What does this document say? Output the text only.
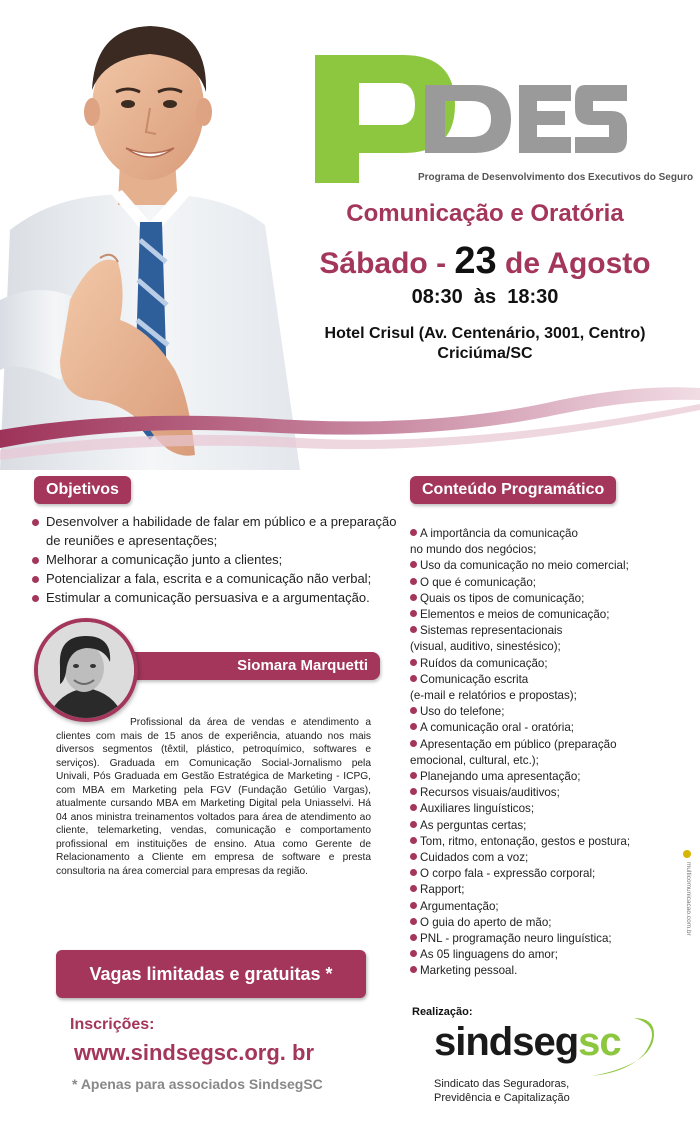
Programa de Desenvolvimento dos Executivos do Seguro
Comunicação e Oratória
Sábado - 23 de Agosto
08:30  às  18:30
Hotel Crisul (Av. Centenário, 3001, Centro)
Criciúma/SC
Objetivos
Desenvolver a habilidade de falar em público e a preparação de reuniões e apresentações;
Melhorar a comunicação junto a clientes;
Potencializar a fala, escrita e a comunicação não verbal;
Estimular a comunicação persuasiva e a argumentação.
Siomara Marquetti

Profissional da área de vendas e atendimento a clientes com mais de 15 anos de experiência, atuando nos mais diversos segmentos (têxtil, plástico, petroquímico, softwares e serviços). Graduada em Comunicação Social-Jornalismo pela Univali, Pós Graduada em Gestão Estratégica de Marketing - ICPG, com MBA em Marketing pela FGV (Fundação Getúlio Vargas), atualmente cursando MBA em Marketing Digital pela Uniasselvi. Há 04 anos ministra treinamentos voltados para área de atendimento ao cliente, telemarketing, vendas, comunicação e comportamento profissional em instituições de ensino. Atua como Gerente de Relacionamento a Cliente em empresa de software e presta consultoria na área comercial para empresas da região.

Vagas limitadas e gratuitas *
Inscrições:
www.sindsegsc.org. br
* Apenas para associados SindsegSC
Conteúdo Programático
A importância da comunicação
no mundo dos negócios;
Uso da comunicação no meio comercial;
O que é comunicação;
Quais os tipos de comunicação;
Elementos e meios de comunicação;
Sistemas representacionais
(visual, auditivo, sinestésico);
Ruídos da comunicação;
Comunicação escrita
(e-mail e relatórios e propostas);
Uso do telefone;
A comunicação oral - oratória;
Apresentação em público (preparação
emocional, cultural, etc.);
Planejando uma apresentação;
Recursos visuais/auditivos;
Auxiliares linguísticos;
As perguntas certas;
Tom, ritmo, entonação, gestos e postura;
Cuidados com a voz;
O corpo fala - expressão corporal;
Rapport;
Argumentação;
O guia do aperto de mão;
PNL - programação neuro linguística;
As 05 linguagens do amor;
Marketing pessoal.
multicomunicacao.com.br
Realização:
sindsegsc
Sindicato das Seguradoras,
Previdência e Capitalização
